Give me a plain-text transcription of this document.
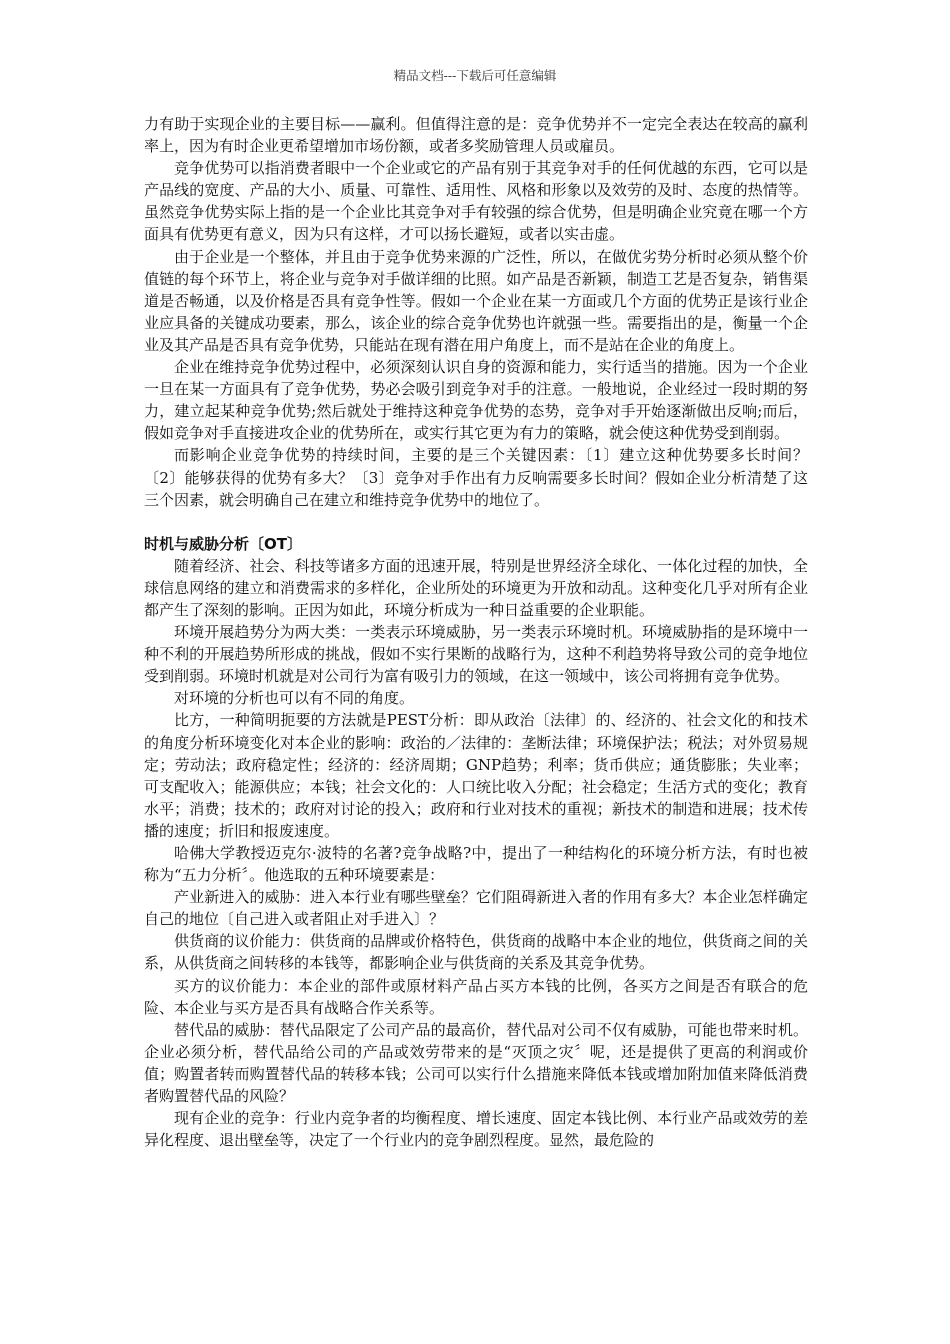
精品文档---下载后可任意编辑

力有助于实现企业的主要目标——赢利。但值得注意的是：竞争优势并不一定完全表达在较高的赢利率上，因为有时企业更希望增加市场份额，或者多奖励管理人员或雇员。

竞争优势可以指消费者眼中一个企业或它的产品有别于其竞争对手的任何优越的东西，它可以是产品线的宽度、产品的大小、质量、可靠性、适用性、风格和形象以及效劳的及时、态度的热情等。虽然竞争优势实际上指的是一个企业比其竞争对手有较强的综合优势，但是明确企业究竟在哪一个方面具有优势更有意义，因为只有这样，才可以扬长避短，或者以实击虚。

由于企业是一个整体，并且由于竞争优势来源的广泛性，所以，在做优劣势分析时必须从整个价值链的每个环节上，将企业与竞争对手做详细的比照。如产品是否新颖，制造工艺是否复杂，销售渠道是否畅通，以及价格是否具有竞争性等。假如一个企业在某一方面或几个方面的优势正是该行业企业应具备的关键成功要素，那么，该企业的综合竞争优势也许就强一些。需要指出的是，衡量一个企业及其产品是否具有竞争优势，只能站在现有潜在用户角度上，而不是站在企业的角度上。

企业在维持竞争优势过程中，必须深刻认识自身的资源和能力，实行适当的措施。因为一个企业一旦在某一方面具有了竞争优势，势必会吸引到竞争对手的注意。一般地说，企业经过一段时期的努力，建立起某种竞争优势;然后就处于维持这种竞争优势的态势，竞争对手开始逐渐做出反响;而后，假如竞争对手直接进攻企业的优势所在，或实行其它更为有力的策略，就会使这种优势受到削弱。

而影响企业竞争优势的持续时间，主要的是三个关键因素：〔1〕建立这种优势要多长时间？〔2〕能够获得的优势有多大？〔3〕竞争对手作出有力反响需要多长时间？假如企业分析清楚了这三个因素，就会明确自己在建立和维持竞争优势中的地位了。

时机与威胁分析〔OT〕

随着经济、社会、科技等诸多方面的迅速开展，特别是世界经济全球化、一体化过程的加快，全球信息网络的建立和消费需求的多样化，企业所处的环境更为开放和动乱。这种变化几乎对所有企业都产生了深刻的影响。正因为如此，环境分析成为一种日益重要的企业职能。

环境开展趋势分为两大类：一类表示环境威胁，另一类表示环境时机。环境威胁指的是环境中一种不利的开展趋势所形成的挑战，假如不实行果断的战略行为，这种不利趋势将导致公司的竞争地位受到削弱。环境时机就是对公司行为富有吸引力的领域，在这一领域中，该公司将拥有竞争优势。

对环境的分析也可以有不同的角度。

比方，一种简明扼要的方法就是PEST分析：即从政治〔法律〕的、经济的、社会文化的和技术的角度分析环境变化对本企业的影响：政治的／法律的：垄断法律；环境保护法；税法；对外贸易规定；劳动法；政府稳定性；经济的：经济周期；GNP趋势；利率；货币供应；通货膨胀；失业率；可支配收入；能源供应；本钱；社会文化的：人口统比收入分配；社会稳定；生活方式的变化；教育水平；消费；技术的；政府对讨论的投入；政府和行业对技术的重视；新技术的制造和进展；技术传播的速度；折旧和报废速度。

哈佛大学教授迈克尔·波特的名著?竞争战略?中，提出了一种结构化的环境分析方法，有时也被称为“五力分析〞。他选取的五种环境要素是：

产业新进入的威胁：进入本行业有哪些壁垒？它们阻碍新进入者的作用有多大？本企业怎样确定自己的地位〔自己进入或者阻止对手进入〕？

供货商的议价能力：供货商的品牌或价格特色，供货商的战略中本企业的地位，供货商之间的关系，从供货商之间转移的本钱等，都影响企业与供货商的关系及其竞争优势。

买方的议价能力：本企业的部件或原材料产品占买方本钱的比例，各买方之间是否有联合的危险、本企业与买方是否具有战略合作关系等。

替代品的威胁：替代品限定了公司产品的最高价，替代品对公司不仅有威胁，可能也带来时机。企业必须分析，替代品给公司的产品或效劳带来的是“灭顶之灾〞呢，还是提供了更高的利润或价值；购置者转而购置替代品的转移本钱；公司可以实行什么措施来降低本钱或增加附加值来降低消费者购置替代品的风险？

现有企业的竞争：行业内竞争者的均衡程度、增长速度、固定本钱比例、本行业产品或效劳的差异化程度、退出壁垒等，决定了一个行业内的竞争剧烈程度。显然，最危险的
